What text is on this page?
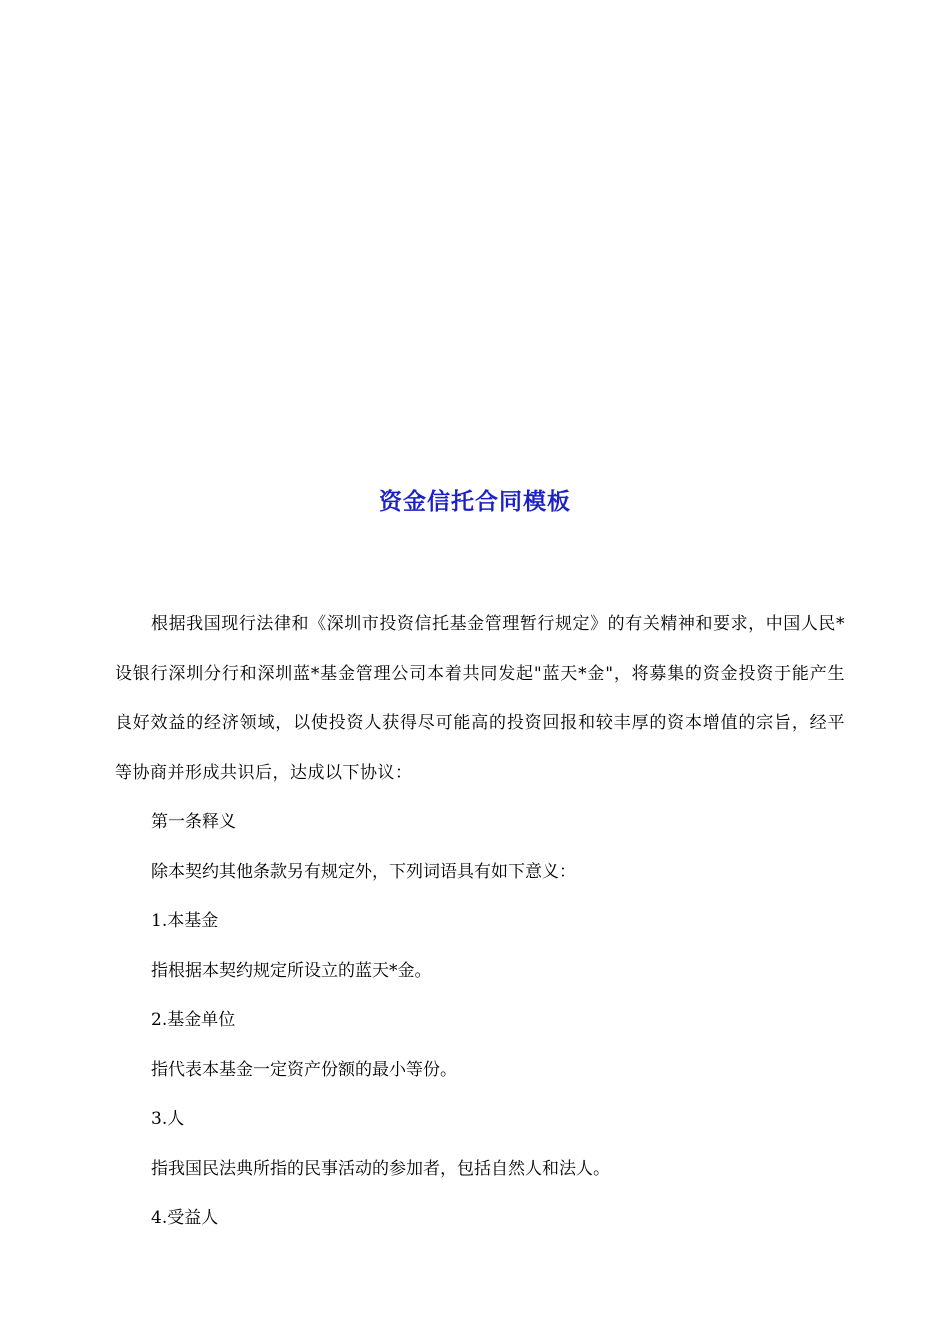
资金信托合同模板

根据我国现行法律和《深圳市投资信托基金管理暂行规定》的有关精神和要求，中国人民*设银行深圳分行和深圳蓝*基金管理公司本着共同发起"蓝天*金"，将募集的资金投资于能产生良好效益的经济领域，以使投资人获得尽可能高的投资回报和较丰厚的资本增值的宗旨，经平等协商并形成共识后，达成以下协议：

第一条释义

除本契约其他条款另有规定外，下列词语具有如下意义：

1.本基金

指根据本契约规定所设立的蓝天*金。

2.基金单位

指代表本基金一定资产份额的最小等份。

3.人

指我国民法典所指的民事活动的参加者，包括自然人和法人。

4.受益人
